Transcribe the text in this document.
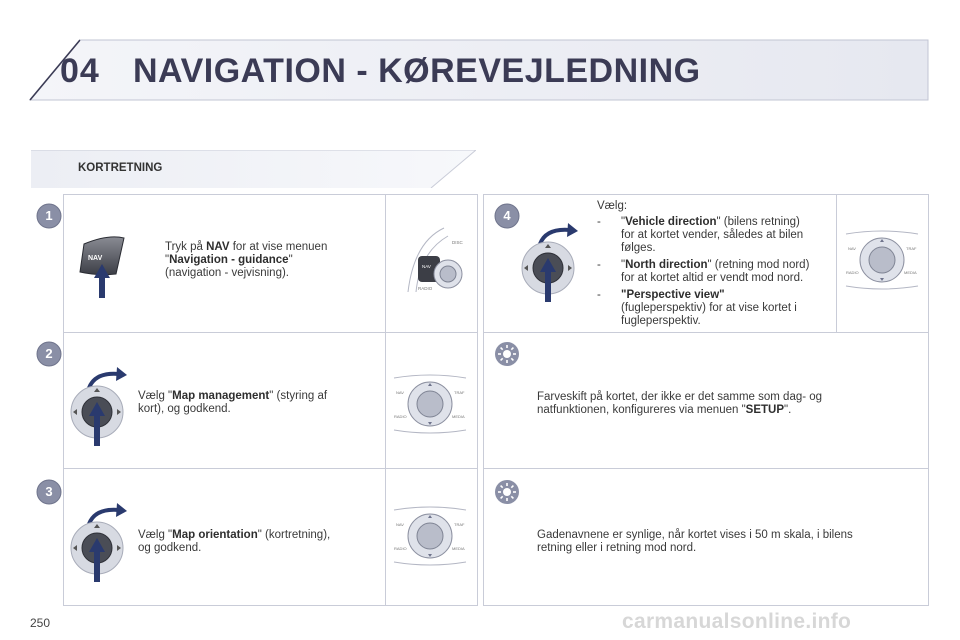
04 NAVIGATION - KØREVEJLEDNING
KORTRETNING
1
2
3
4
NAV
Tryk på NAV for at vise menuen
"Navigation - guidance"
(navigation - vejvisning).
DISC
NAV
RADIO
Vælg "Map management" (styring af
kort), og godkend.
NAV	TRAF
RADIO	MEDIA
Vælg "Map orientation" (kortretning),
og godkend.
NAV	TRAF
RADIO	MEDIA
Vælg:
- "Vehicle direction" (bilens retning)
for at kortet vender, således at bilen
følges.
- "North direction" (retning mod nord)
for at kortet altid er vendt mod nord.
- "Perspective view"
(fugleperspektiv) for at vise kortet i
fugleperspektiv.
NAV	TRAF
RADIO	MEDIA
Farveskift på kortet, der ikke er det samme som dag- og
natfunktionen, konfigureres via menuen "SETUP".
Gadenavnene er synlige, når kortet vises i 50 m skala, i bilens
retning eller i retning mod nord.
250	carmanualsonline.info
